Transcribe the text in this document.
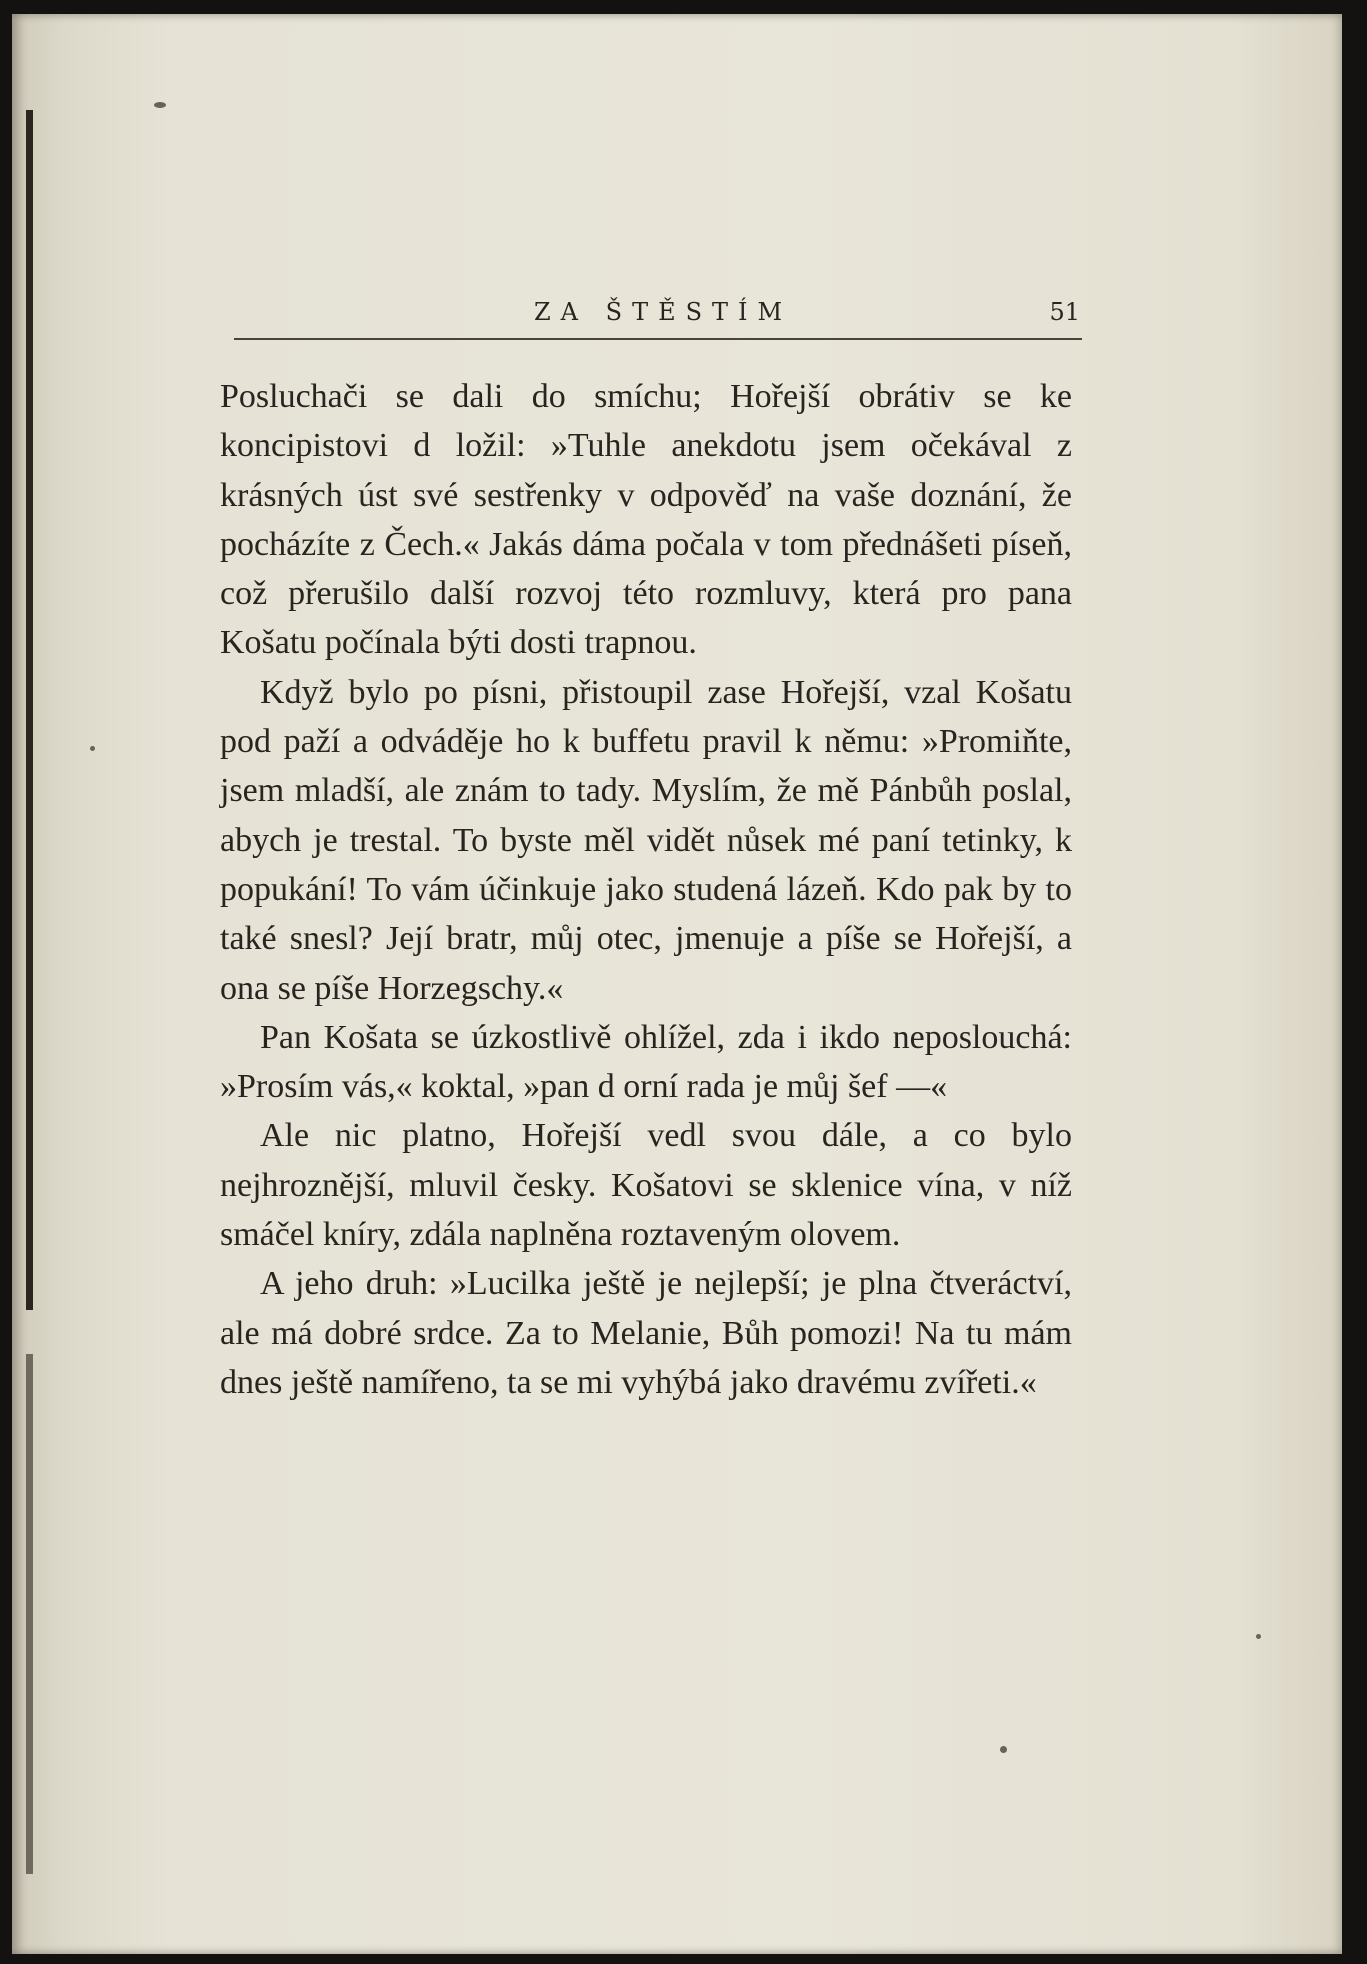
ZA ŠTĚSTÍM	51

Posluchači se dali do smíchu; Hořejší obrátiv se ke koncipistovi d ložil: »Tuhle anekdotu jsem očekával z krásných úst své sestřenky v odpověď na vaše doznání, že pocházíte z Čech.« Jakás dáma počala v tom přednášeti píseň, což přerušilo další rozvoj této rozmluvy, která pro pana Košatu počínala býti dosti trapnou.

Když bylo po písni, přistoupil zase Hořejší, vzal Košatu pod paží a odváděje ho k buffetu pravil k němu: »Promiňte, jsem mladší, ale znám to tady. Myslím, že mě Pánbůh poslal, abych je trestal. To byste měl vidět nůsek mé paní tetinky, k popukání! To vám účinkuje jako studená lázeň. Kdo pak by to také snesl? Její bratr, můj otec, jmenuje a píše se Hořejší, a ona se píše Horzegschy.«

Pan Košata se úzkostlivě ohlížel, zda i ikdo neposlouchá: »Prosím vás,« koktal, »pan d orní rada je můj šef —«

Ale nic platno, Hořejší vedl svou dále, a co bylo nejhroznější, mluvil česky. Košatovi se sklenice vína, v níž smáčel kníry, zdála naplněna roztaveným olovem.

A jeho druh: »Lucilka ještě je nejlepší; je plna čtveráctví, ale má dobré srdce. Za to Melanie, Bůh pomozi! Na tu mám dnes ještě namířeno, ta se mi vyhýbá jako dravému zvířeti.«
